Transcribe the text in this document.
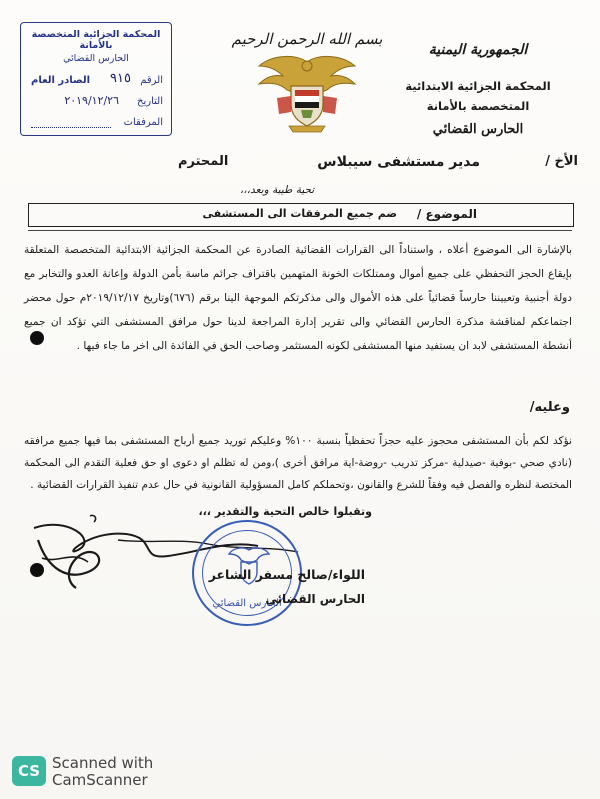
المحكمة الجزائية المتخصصة بالأمانة
الحارس القضائي
الرقم
٩١٥
الصادر العام
التاريخ
٢٠١٩/١٢/٢٦
المرفقات
بسم الله الرحمن الرحيم
الجمهورية اليمنية
المحكمة الجزائية الابتدائية المتخصصة بالأمانة
الحارس القضائي
الأخ /
مدير مستشفى سيبلاس
المحترم
تحية طيبة وبعد،،،
الموضوع /
ضم جميع المرفقات الى المستشفى

بالإشارة الى الموضوع أعلاه ، واستناداً الى القرارات القضائية الصادرة عن المحكمة الجزائية الابتدائية المتخصصة المتعلقة بإيقاع الحجز التحفظي على جميع أموال وممتلكات الخونة المتهمين باقتراف جرائم ماسة بأمن الدولة وإعانة العدو والتخابر مع دولة أجنبية وتعييننا حارساً قضائياً على هذه الأموال والى مذكرتكم الموجهة الينا برقم (٦٧٦)وتاريخ ٢٠١٩/١٢/١٧م حول محضر اجتماعكم لمناقشة مذكرة الحارس القضائي والى تقرير إدارة المراجعة لدينا حول مرافق المستشفى التي تؤكد ان جميع أنشطة المستشفى لابد ان يستفيد منها المستشفى لكونه المستثمر وصاحب الحق في الفائدة الى اخر ما جاء فيها .

وعليه/

نؤكد لكم بأن المستشفى محجوز عليه حجزاً تحفظياً بنسبة ١٠٠% وعليكم توريد جميع أرباح المستشفى بما فيها جميع مرافقه (نادي صحي -بوفية -صيدلية -مركز تدريب -روضة-اية مرافق أخرى )،ومن له تظلم او دعوى او حق فعلية التقدم الى المحكمة المختصة لنظره والفصل فيه وفقاً للشرع والقانون ،وتحملكم كامل المسؤولية القانونية في حال عدم تنفيذ القرارات القضائية .

وتقبلوا خالص التحية والتقدير ،،،
الحارس القضائي
اللواء/صالح مسفر الشاعر
الحارس القضائي
CS Scanned with
CamScanner
